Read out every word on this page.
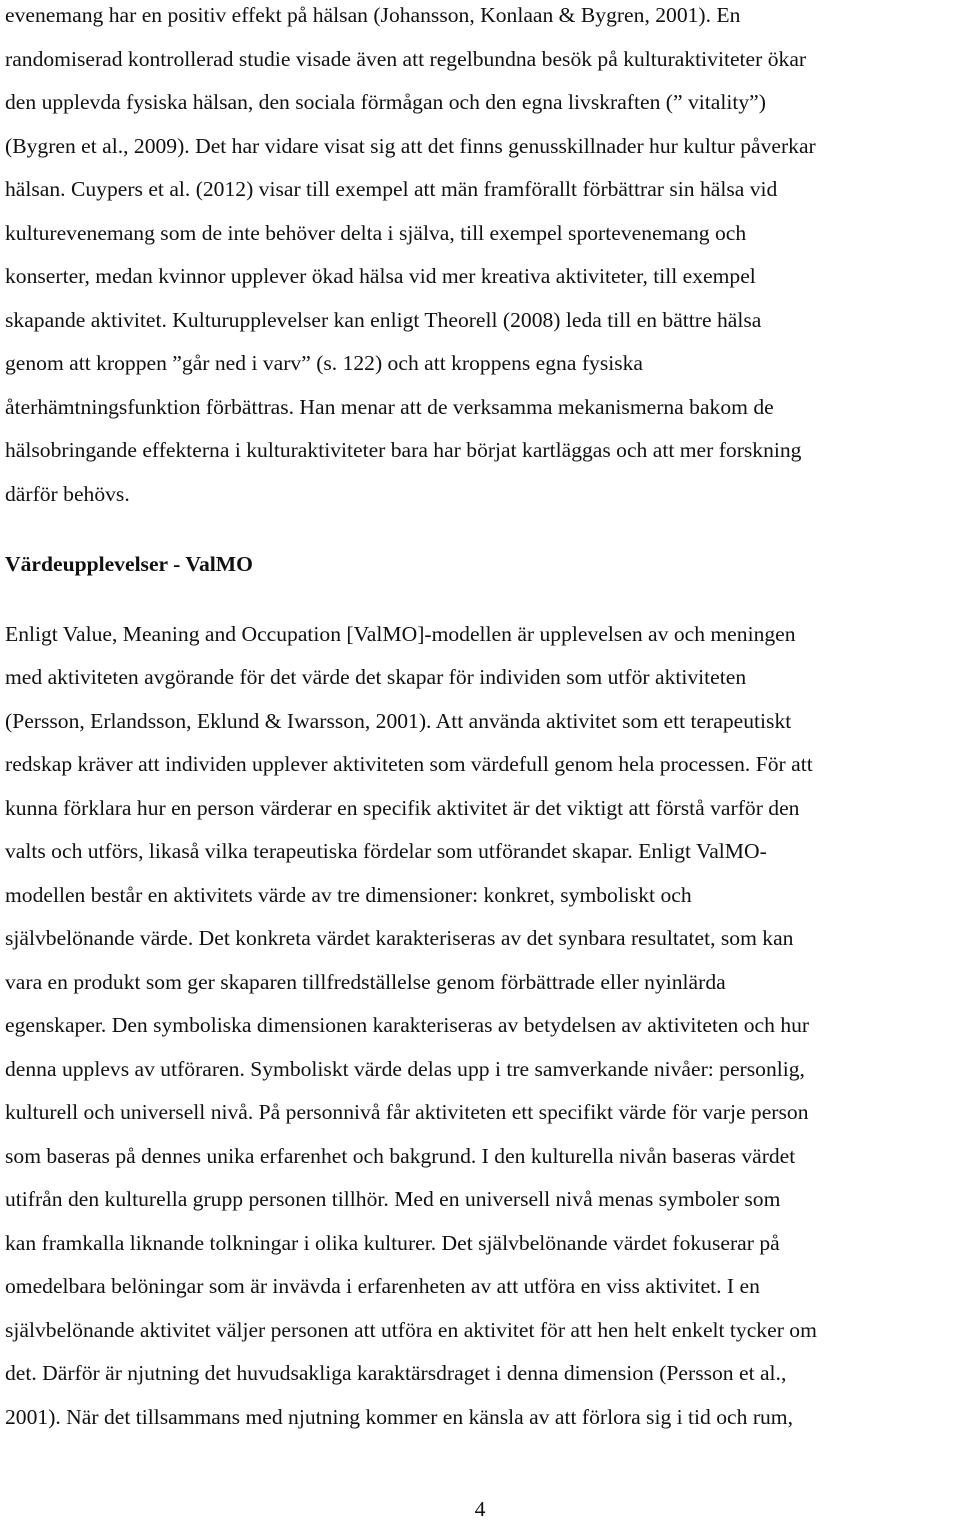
evenemang har en positiv effekt på hälsan (Johansson, Konlaan & Bygren, 2001). En
randomiserad kontrollerad studie visade även att regelbundna besök på kulturaktiviteter ökar
den upplevda fysiska hälsan, den sociala förmågan och den egna livskraften (” vitality”)
(Bygren et al., 2009). Det har vidare visat sig att det finns genusskillnader hur kultur påverkar
hälsan. Cuypers et al. (2012) visar till exempel att män framförallt förbättrar sin hälsa vid
kulturevenemang som de inte behöver delta i själva, till exempel sportevenemang och
konserter, medan kvinnor upplever ökad hälsa vid mer kreativa aktiviteter, till exempel
skapande aktivitet. Kulturupplevelser kan enligt Theorell (2008) leda till en bättre hälsa
genom att kroppen ”går ned i varv” (s. 122) och att kroppens egna fysiska
återhämtningsfunktion förbättras. Han menar att de verksamma mekanismerna bakom de
hälsobringande effekterna i kulturaktiviteter bara har börjat kartläggas och att mer forskning
därför behövs.
Värdeupplevelser - ValMO
Enligt Value, Meaning and Occupation [ValMO]-modellen är upplevelsen av och meningen
med aktiviteten avgörande för det värde det skapar för individen som utför aktiviteten
(Persson, Erlandsson, Eklund & Iwarsson, 2001). Att använda aktivitet som ett terapeutiskt
redskap kräver att individen upplever aktiviteten som värdefull genom hela processen. För att
kunna förklara hur en person värderar en specifik aktivitet är det viktigt att förstå varför den
valts och utförs, likaså vilka terapeutiska fördelar som utförandet skapar. Enligt ValMO-
modellen består en aktivitets värde av tre dimensioner: konkret, symboliskt och
självbelönande värde. Det konkreta värdet karakteriseras av det synbara resultatet, som kan
vara en produkt som ger skaparen tillfredställelse genom förbättrade eller nyinlärda
egenskaper. Den symboliska dimensionen karakteriseras av betydelsen av aktiviteten och hur
denna upplevs av utföraren. Symboliskt värde delas upp i tre samverkande nivåer: personlig,
kulturell och universell nivå. På personnivå får aktiviteten ett specifikt värde för varje person
som baseras på dennes unika erfarenhet och bakgrund. I den kulturella nivån baseras värdet
utifrån den kulturella grupp personen tillhör. Med en universell nivå menas symboler som
kan framkalla liknande tolkningar i olika kulturer. Det självbelönande värdet fokuserar på
omedelbara belöningar som är invävda i erfarenheten av att utföra en viss aktivitet. I en
självbelönande aktivitet väljer personen att utföra en aktivitet för att hen helt enkelt tycker om
det. Därför är njutning det huvudsakliga karaktärsdraget i denna dimension (Persson et al.,
2001). När det tillsammans med njutning kommer en känsla av att förlora sig i tid och rum,
4
